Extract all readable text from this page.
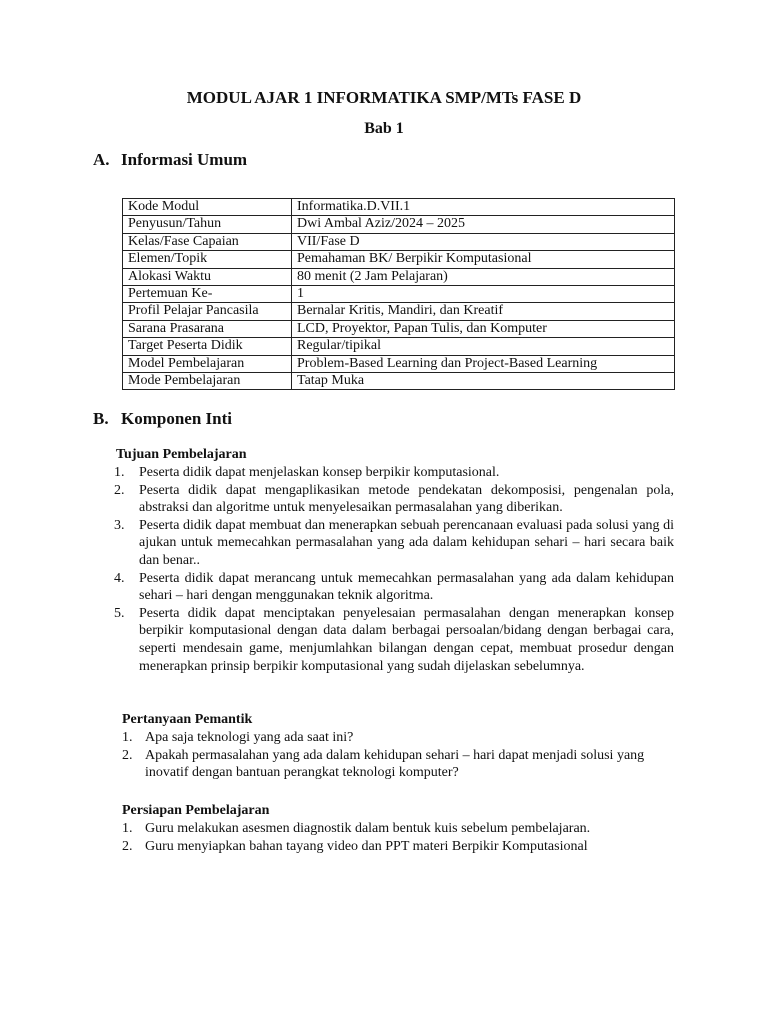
MODUL AJAR 1 INFORMATIKA SMP/MTs FASE D
Bab 1
A. Informasi Umum
Kode Modul	Informatika.D.VII.1
Penyusun/Tahun	Dwi Ambal Aziz/2024 – 2025
Kelas/Fase Capaian	VII/Fase D
Elemen/Topik	Pemahaman BK/ Berpikir Komputasional
Alokasi Waktu	80 menit (2 Jam Pelajaran)
Pertemuan Ke-	1
Profil Pelajar Pancasila	Bernalar Kritis, Mandiri, dan Kreatif
Sarana Prasarana	LCD, Proyektor, Papan Tulis, dan Komputer
Target Peserta Didik	Regular/tipikal
Model Pembelajaran	Problem-Based Learning dan Project-Based Learning
Mode Pembelajaran	Tatap Muka
B. Komponen Inti
Tujuan Pembelajaran
1. Peserta didik dapat menjelaskan konsep berpikir komputasional.
2. Peserta didik dapat mengaplikasikan metode pendekatan dekomposisi, pengenalan pola, abstraksi dan algoritme untuk menyelesaikan permasalahan yang diberikan.
3. Peserta didik dapat membuat dan menerapkan sebuah perencanaan evaluasi pada solusi yang di ajukan untuk memecahkan permasalahan yang ada dalam kehidupan sehari – hari secara baik dan benar..
4. Peserta didik dapat merancang untuk memecahkan permasalahan yang ada dalam kehidupan sehari – hari dengan menggunakan teknik algoritma.
5. Peserta didik dapat menciptakan penyelesaian permasalahan dengan menerapkan konsep berpikir komputasional dengan data dalam berbagai persoalan/bidang dengan berbagai cara, seperti mendesain game, menjumlahkan bilangan dengan cepat, membuat prosedur dengan menerapkan prinsip berpikir komputasional yang sudah dijelaskan sebelumnya.
Pertanyaan Pemantik
1. Apa saja teknologi yang ada saat ini?
2. Apakah permasalahan yang ada dalam kehidupan sehari – hari dapat menjadi solusi yang inovatif dengan bantuan perangkat teknologi komputer?
Persiapan Pembelajaran
1. Guru melakukan asesmen diagnostik dalam bentuk kuis sebelum pembelajaran.
2. Guru menyiapkan bahan tayang video dan PPT materi Berpikir Komputasional
